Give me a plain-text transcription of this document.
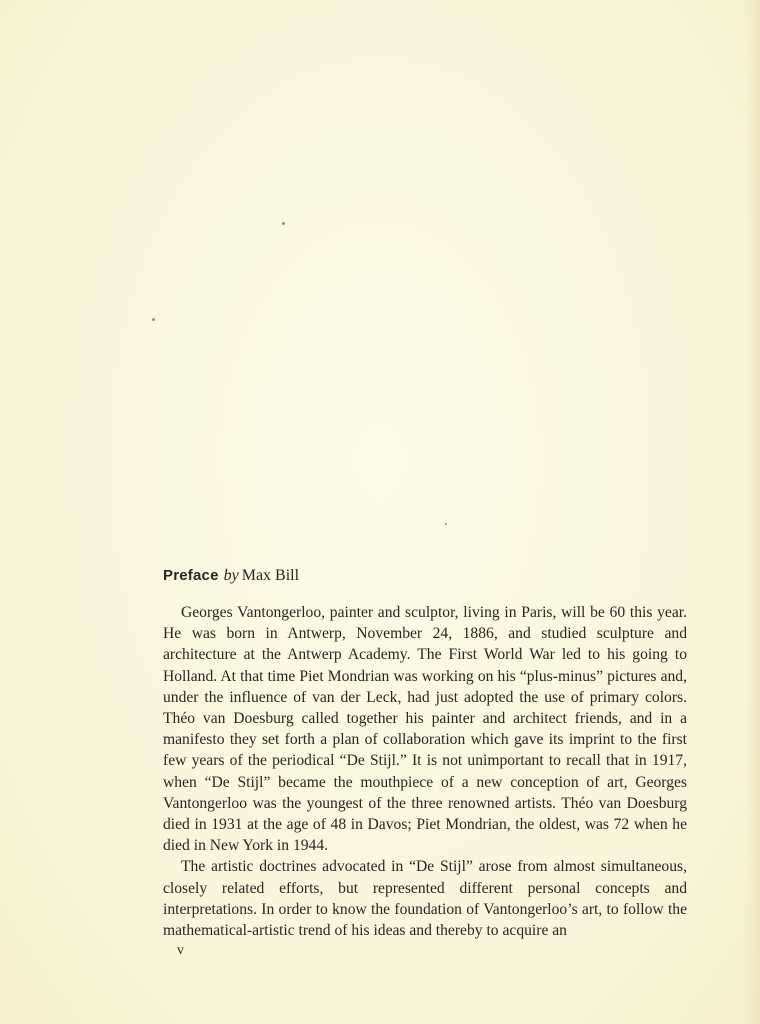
Preface by Max Bill

Georges Vantongerloo, painter and sculptor, living in Paris, will be 60 this year. He was born in Antwerp, November 24, 1886, and studied sculpture and architecture at the Antwerp Academy. The First World War led to his going to Holland. At that time Piet Mondrian was working on his “plus-minus” pictures and, under the influence of van der Leck, had just adopted the use of primary colors. Théo van Doesburg called together his painter and architect friends, and in a manifesto they set forth a plan of collaboration which gave its imprint to the first few years of the periodical “De Stijl.” It is not unimportant to recall that in 1917, when “De Stijl” became the mouthpiece of a new conception of art, Georges Vantongerloo was the youngest of the three renowned artists. Théo van Doesburg died in 1931 at the age of 48 in Davos; Piet Mondrian, the oldest, was 72 when he died in New York in 1944.

The artistic doctrines advocated in “De Stijl” arose from almost simultaneous, closely related efforts, but represented different personal concepts and interpretations. In order to know the foundation of Vantongerloo’s art, to follow the mathematical-artistic trend of his ideas and thereby to acquire an

v
